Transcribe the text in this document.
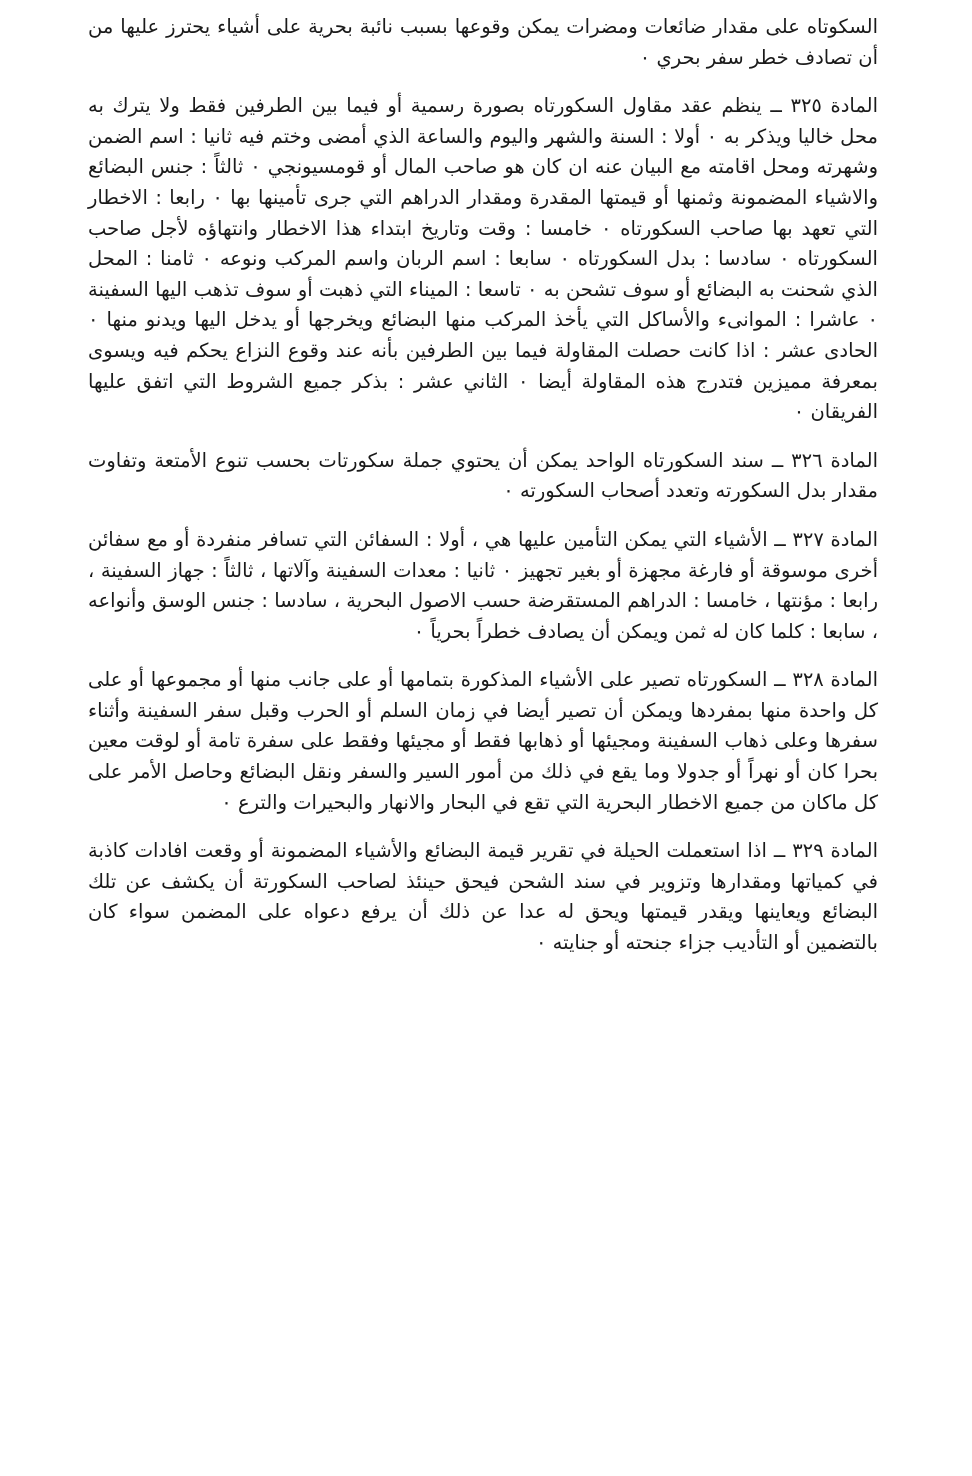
السكوتاه على مقدار ضائعات ومضرات يمكن وقوعها بسبب نائبة بحرية على أشياء يحترز عليها من أن تصادف خطر سفر بحري ٠

المادة ٣٢٥ ــ ينظم عقد مقاول السكورتاه بصورة رسمية أو فيما بين الطرفين فقط ولا يترك به محل خاليا ويذكر به ٠ أولا : السنة والشهر واليوم والساعة الذي أمضى وختم فيه ثانيا : اسم الضمن وشهرته ومحل اقامته مع البيان عنه ان كان هو صاحب المال أو قومسيونجي ٠ ثالثاً : جنس البضائع والاشياء المضمونة وثمنها أو قيمتها المقدرة ومقدار الدراهم التي جرى تأمينها بها ٠ رابعا : الاخطار التي تعهد بها صاحب السكورتاه ٠ خامسا : وقت وتاريخ ابتداء هذا الاخطار وانتهاؤه لأجل صاحب السكورتاه ٠ سادسا : بدل السكورتاه ٠ سابعا : اسم الربان واسم المركب ونوعه ٠ ثامنا : المحل الذي شحنت به البضائع أو سوف تشحن به ٠ تاسعا : الميناء التي ذهبت أو سوف تذهب اليها السفينة ٠ عاشرا : الموانىء والأساكل التي يأخذ المركب منها البضائع ويخرجها أو يدخل اليها ويدنو منها ٠ الحادى عشر : اذا كانت حصلت المقاولة فيما بين الطرفين بأنه عند وقوع النزاع يحكم فيه ويسوى بمعرفة مميزين فتدرج هذه المقاولة أيضا ٠ الثاني عشر : بذكر جميع الشروط التي اتفق عليها الفريقان ٠

المادة ٣٢٦ ــ سند السكورتاه الواحد يمكن أن يحتوي جملة سكورتات بحسب تنوع الأمتعة وتفاوت مقدار بدل السكورته وتعدد أصحاب السكورته ٠

المادة ٣٢٧ ــ الأشياء التي يمكن التأمين عليها هي ، أولا : السفائن التي تسافر منفردة أو مع سفائن أخرى موسوقة أو فارغة مجهزة أو بغير تجهيز ٠ ثانيا : معدات السفينة وآلاتها ، ثالثاً : جهاز السفينة ، رابعا : مؤنتها ، خامسا : الدراهم المستقرضة حسب الاصول البحرية ، سادسا : جنس الوسق وأنواعه ، سابعا : كلما كان له ثمن ويمكن أن يصادف خطراً بحرياً ٠

المادة ٣٢٨ ــ السكورتاه تصير على الأشياء المذكورة بتمامها أو على جانب منها أو مجموعها أو على كل واحدة منها بمفردها ويمكن أن تصير أيضا في زمان السلم أو الحرب وقبل سفر السفينة وأثناء سفرها وعلى ذهاب السفينة ومجيئها أو ذهابها فقط أو مجيئها وفقط على سفرة تامة أو لوقت معين بحرا كان أو نهراً أو جدولا وما يقع في ذلك من أمور السير والسفر ونقل البضائع وحاصل الأمر على كل ماكان من جميع الاخطار البحرية التي تقع في البحار والانهار والبحيرات والترع ٠

المادة ٣٢٩ ــ اذا استعملت الحيلة في تقرير قيمة البضائع والأشياء المضمونة أو وقعت افادات كاذبة في كمياتها ومقدارها وتزوير في سند الشحن فيحق حينئذ لصاحب السكورتة أن يكشف عن تلك البضائع ويعاينها ويقدر قيمتها ويحق له عدا عن ذلك أن يرفع دعواه على المضمن سواء كان بالتضمين أو التأديب جزاء جنحته أو جنايته ٠
